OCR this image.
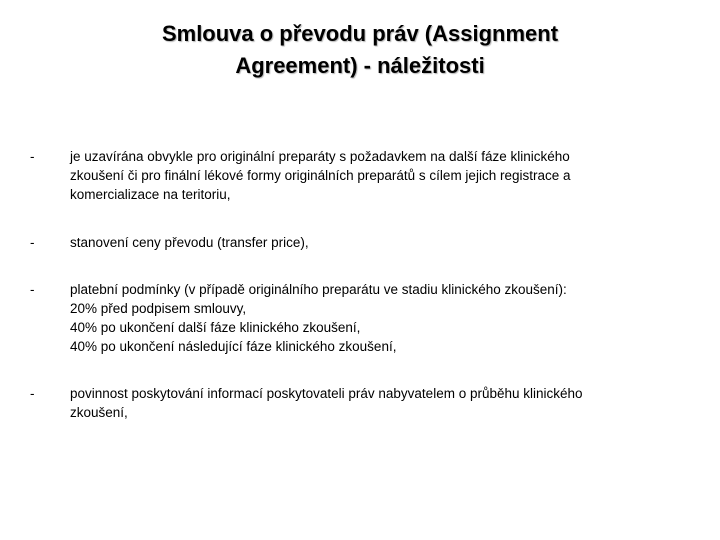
Smlouva o převodu práv (Assignment
Agreement) - náležitosti
-	je uzavírána obvykle pro originální preparáty s požadavkem na další fáze klinického
zkoušení či pro finální lékové formy originálních preparátů s cílem jejich registrace a
komercializace na teritoriu,
-	stanovení ceny převodu (transfer price),
-	platební podmínky (v případě originálního preparátu ve stadiu klinického zkoušení):
20% před podpisem smlouvy,
40% po ukončení další fáze klinického zkoušení,
40% po ukončení následující fáze klinického zkoušení,
-	povinnost poskytování informací poskytovateli práv nabyvatelem o průběhu klinického
zkoušení,
